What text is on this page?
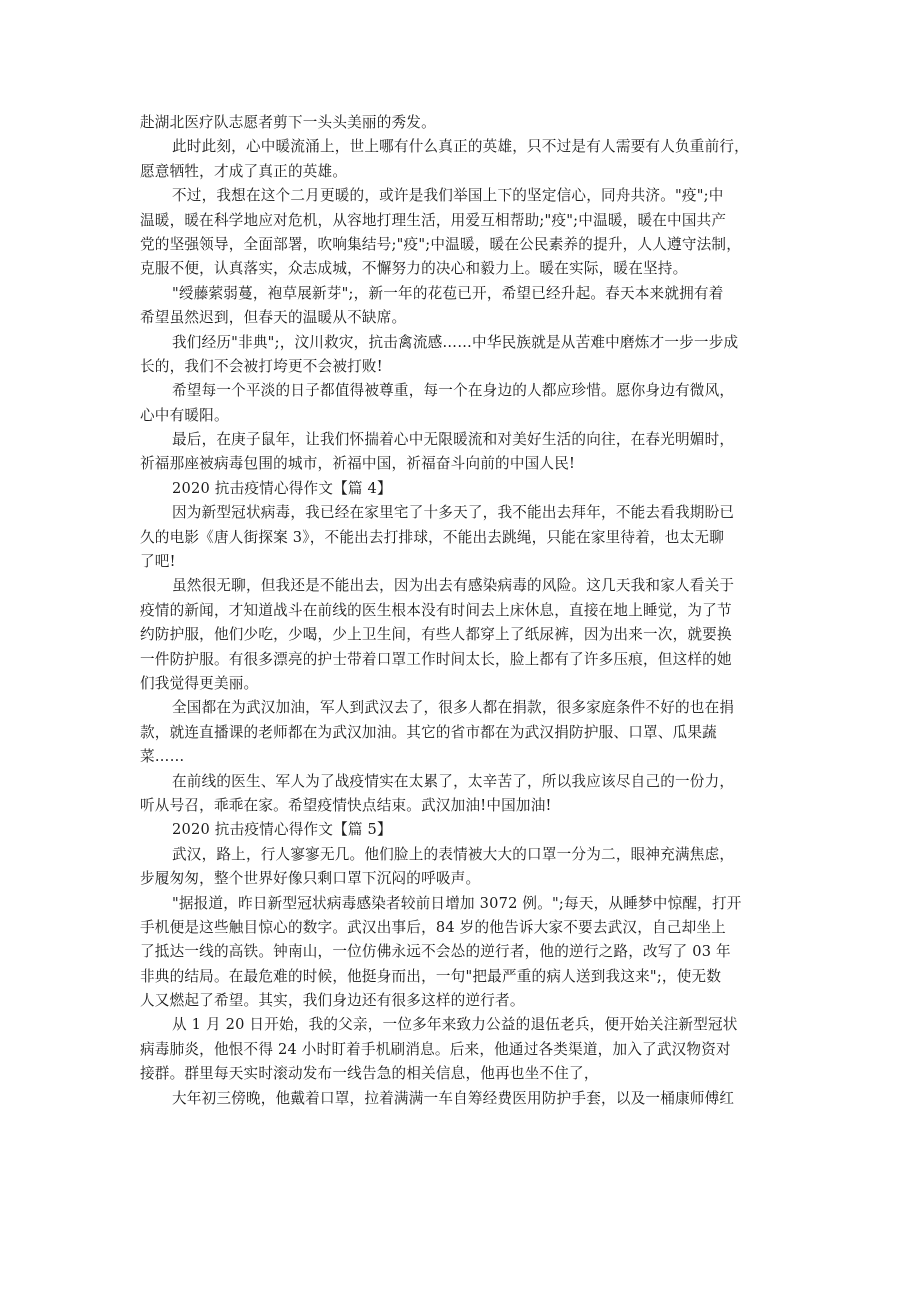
赴湖北医疗队志愿者剪下一头头美丽的秀发。
此时此刻，心中暖流涌上，世上哪有什么真正的英雄，只不过是有人需要有人负重前行，
愿意牺牲，才成了真正的英雄。
不过，我想在这个二月更暖的，或许是我们举国上下的坚定信心，同舟共济。"疫";中
温暖，暖在科学地应对危机，从容地打理生活，用爱互相帮助;"疫";中温暖，暖在中国共产
党的坚强领导，全面部署，吹响集结号;"疫";中温暖，暖在公民素养的提升，人人遵守法制，
克服不便，认真落实，众志成城，不懈努力的决心和毅力上。暖在实际，暖在坚持。
"绶藤萦弱蔓，袍草展新芽";，新一年的花苞已开，希望已经升起。春天本来就拥有着
希望虽然迟到，但春天的温暖从不缺席。
我们经历"非典";，汶川救灾，抗击禽流感……中华民族就是从苦难中磨炼才一步一步成
长的，我们不会被打垮更不会被打败!
希望每一个平淡的日子都值得被尊重，每一个在身边的人都应珍惜。愿你身边有微风，
心中有暖阳。
最后，在庚子鼠年，让我们怀揣着心中无限暖流和对美好生活的向往，在春光明媚时，
祈福那座被病毒包围的城市，祈福中国，祈福奋斗向前的中国人民!
2020 抗击疫情心得作文【篇 4】
因为新型冠状病毒，我已经在家里宅了十多天了，我不能出去拜年，不能去看我期盼已
久的电影《唐人街探案 3》，不能出去打排球，不能出去跳绳，只能在家里待着，也太无聊
了吧!
虽然很无聊，但我还是不能出去，因为出去有感染病毒的风险。这几天我和家人看关于
疫情的新闻，才知道战斗在前线的医生根本没有时间去上床休息，直接在地上睡觉，为了节
约防护服，他们少吃，少喝，少上卫生间，有些人都穿上了纸尿裤，因为出来一次，就要换
一件防护服。有很多漂亮的护士带着口罩工作时间太长，脸上都有了许多压痕，但这样的她
们我觉得更美丽。
全国都在为武汉加油，军人到武汉去了，很多人都在捐款，很多家庭条件不好的也在捐
款，就连直播课的老师都在为武汉加油。其它的省市都在为武汉捐防护服、口罩、瓜果蔬
菜……
在前线的医生、军人为了战疫情实在太累了，太辛苦了，所以我应该尽自己的一份力，
听从号召，乖乖在家。希望疫情快点结束。武汉加油!中国加油!
2020 抗击疫情心得作文【篇 5】
武汉，路上，行人寥寥无几。他们脸上的表情被大大的口罩一分为二，眼神充满焦虑，
步履匆匆，整个世界好像只剩口罩下沉闷的呼吸声。
"据报道，昨日新型冠状病毒感染者较前日增加 3072 例。";每天，从睡梦中惊醒，打开
手机便是这些触目惊心的数字。武汉出事后，84 岁的他告诉大家不要去武汉，自己却坐上
了抵达一线的高铁。钟南山，一位仿佛永远不会怂的逆行者，他的逆行之路，改写了 03 年
非典的结局。在最危难的时候，他挺身而出，一句"把最严重的病人送到我这来";，使无数
人又燃起了希望。其实，我们身边还有很多这样的逆行者。
从 1 月 20 日开始，我的父亲，一位多年来致力公益的退伍老兵，便开始关注新型冠状
病毒肺炎，他恨不得 24 小时盯着手机刷消息。后来，他通过各类渠道，加入了武汉物资对
接群。群里每天实时滚动发布一线告急的相关信息，他再也坐不住了，
大年初三傍晚，他戴着口罩，拉着满满一车自筹经费医用防护手套，以及一桶康师傅红
